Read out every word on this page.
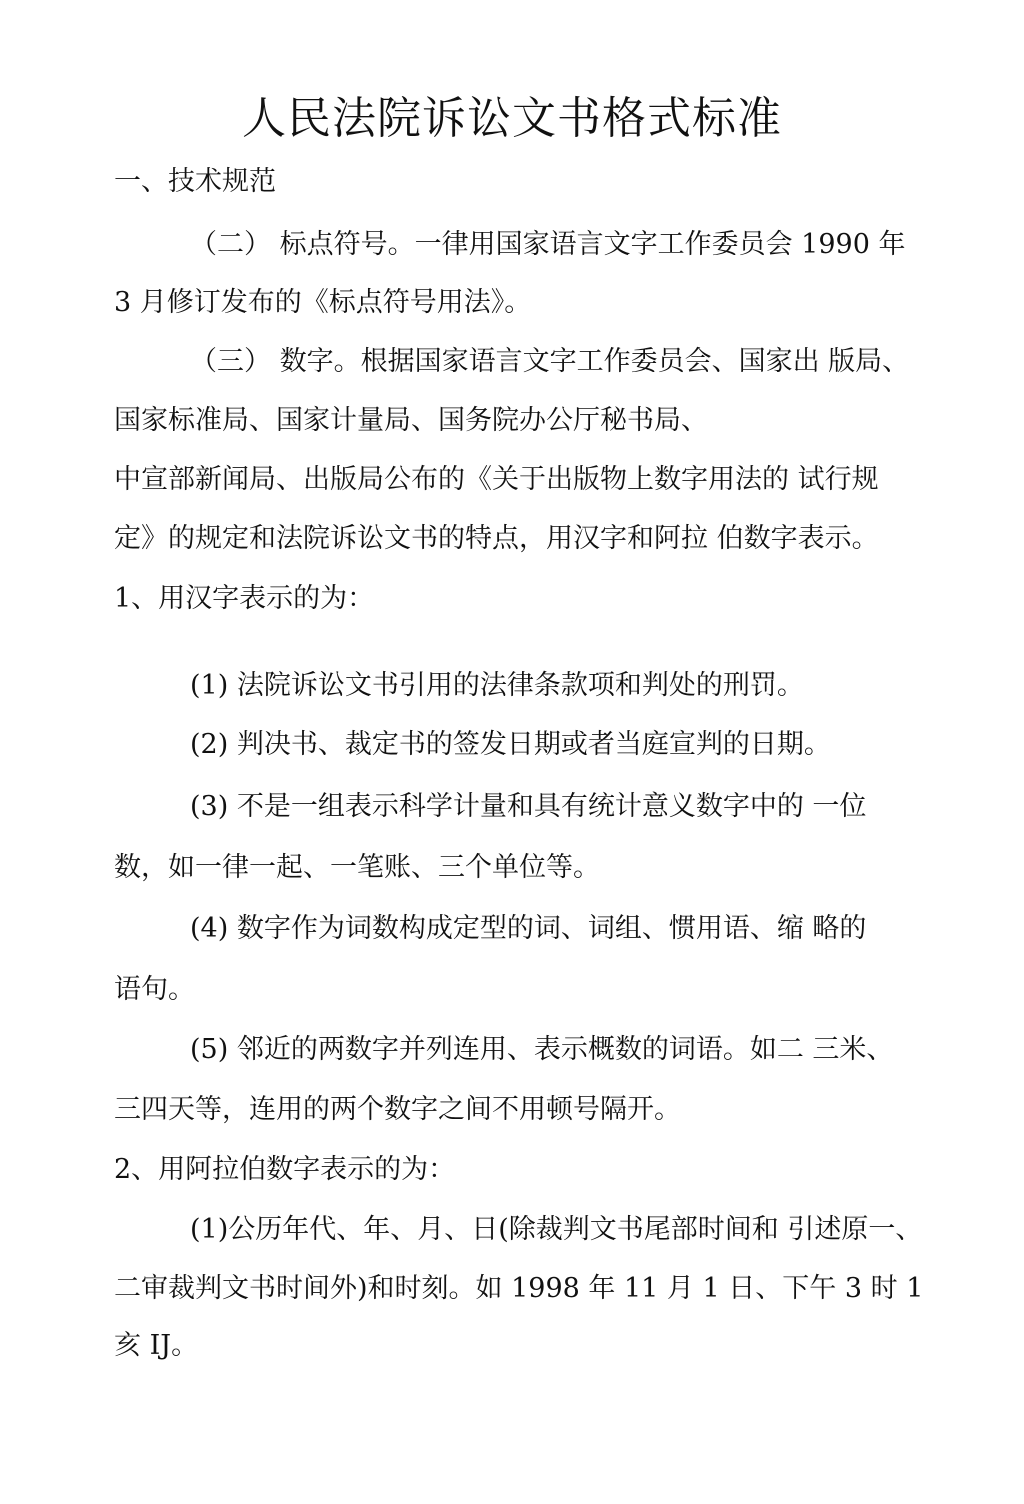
人民法院诉讼文书格式标准
一、技术规范
（二） 标点符号。一律用国家语言文字工作委员会 1990 年
3 月修订发布的《标点符号用法》。
（三） 数字。根据国家语言文字工作委员会、国家出 版局、
国家标准局、国家计量局、国务院办公厅秘书局、
中宣部新闻局、出版局公布的《关于出版物上数字用法的 试行规
定》的规定和法院诉讼文书的特点，用汉字和阿拉 伯数字表示。
1、用汉字表示的为：
(1) 法院诉讼文书引用的法律条款项和判处的刑罚。
(2) 判决书、裁定书的签发日期或者当庭宣判的日期。
(3) 不是一组表示科学计量和具有统计意义数字中的 一位
数，如一律一起、一笔账、三个单位等。
(4) 数字作为词数构成定型的词、词组、惯用语、缩 略的
语句。
(5) 邻近的两数字并列连用、表示概数的词语。如二 三米、
三四天等，连用的两个数字之间不用顿号隔开。
2、用阿拉伯数字表示的为：
(1)公历年代、年、月、日(除裁判文书尾部时间和 引述原一、
二审裁判文书时间外)和时刻。如 1998 年 11 月 1 日、下午 3 时 1
亥 IJ。
